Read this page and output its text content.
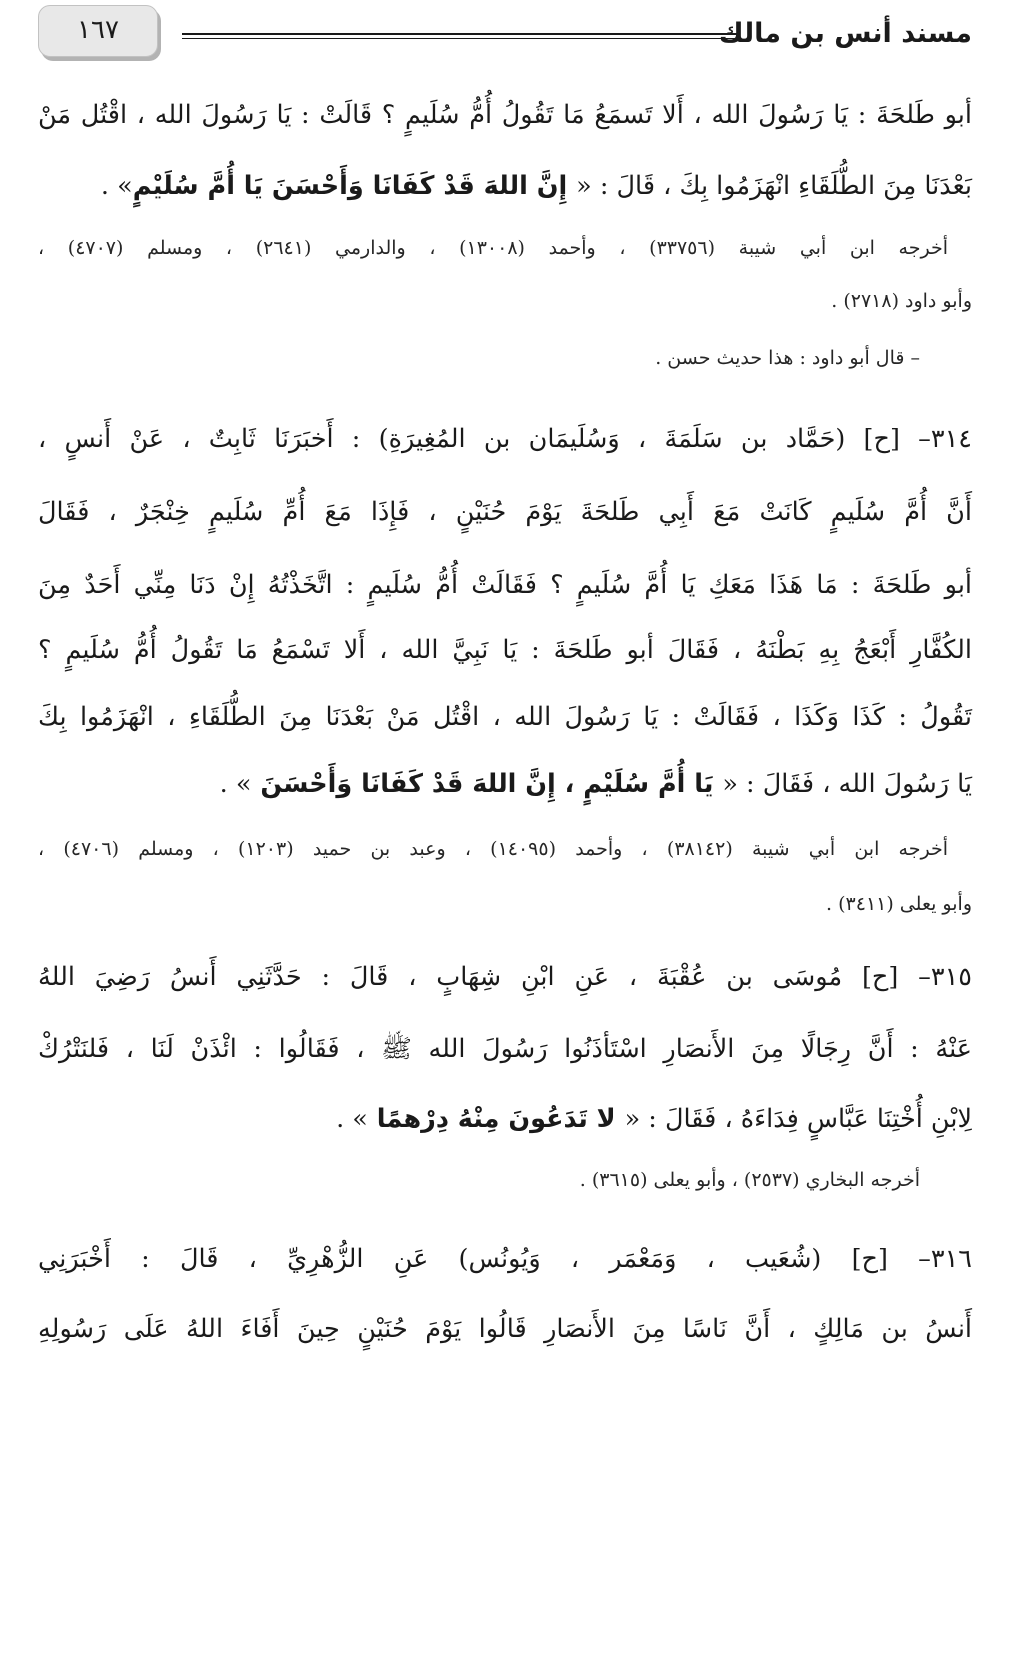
مسند أنس بن مالك
١٦٧
أبو طَلحَةَ : يَا رَسُولَ الله ، أَلا تَسمَعُ مَا تَقُولُ أُمُّ سُلَيمٍ ؟ قَالَتْ : يَا رَسُولَ الله ، اقْتُل مَنْ
بَعْدَنَا مِنَ الطُّلَقَاءِ انْهَزَمُوا بِكَ ، قَالَ : « إِنَّ اللهَ قَدْ كَفَانَا وَأَحْسَنَ يَا أُمَّ سُلَيْمٍ» .
أخرجه ابن أبي شيبة (٣٣٧٥٦) ، وأحمد (١٣٠٠٨) ، والدارمي (٢٦٤١) ، ومسلم (٤٧٠٧) ،
وأبو داود (٢٧١٨) .
– قال أبو داود : هذا حديث حسن .
٣١٤– [ح] (حَمَّاد بن سَلَمَةَ ، وَسُلَيمَان بن المُغِيرَةِ) : أَخبَرَنَا ثَابِتٌ ، عَنْ أَنسٍ ،
أَنَّ أُمَّ سُلَيمٍ كَانَتْ مَعَ أَبِي طَلحَةَ يَوْمَ حُنَيْنٍ ، فَإِذَا مَعَ أُمِّ سُلَيمٍ خِنْجَرٌ ، فَقَالَ
أبو طَلحَةَ : مَا هَذَا مَعَكِ يَا أُمَّ سُلَيمٍ ؟ فَقَالَتْ أُمُّ سُلَيمٍ : اتَّخَذْتُهُ إِنْ دَنَا مِنِّي أَحَدٌ مِنَ
الكُفَّارِ أَبْعَجُ بِهِ بَطْنَهُ ، فَقَالَ أبو طَلحَةَ : يَا نَبِيَّ الله ، أَلا تَسْمَعُ مَا تَقُولُ أُمُّ سُلَيمٍ ؟
تَقُولُ : كَذَا وَكَذَا ، فَقَالَتْ : يَا رَسُولَ الله ، اقْتُل مَنْ بَعْدَنَا مِنَ الطُّلَقَاءِ ، انْهَزَمُوا بِكَ
يَا رَسُولَ الله ، فَقَالَ : « يَا أُمَّ سُلَيْمٍ ، إِنَّ اللهَ قَدْ كَفَانَا وَأَحْسَنَ » .
أخرجه ابن أبي شيبة (٣٨١٤٢) ، وأحمد (١٤٠٩٥) ، وعبد بن حميد (١٢٠٣) ، ومسلم (٤٧٠٦) ،
وأبو يعلى (٣٤١١) .
٣١٥– [ح] مُوسَى بن عُقْبَةَ ، عَنِ ابْنِ شِهَابٍ ، قَالَ : حَدَّثَنِي أَنسُ رَضِيَ اللهُ
عَنْهُ : أَنَّ رِجَالًا مِنَ الأَنصَارِ اسْتَأذَنُوا رَسُولَ الله ﷺ ، فَقَالُوا : ائْذَنْ لَنَا ، فَلنَتْرُكْ
لِابْنِ أُخْتِنَا عَبَّاسٍ فِدَاءَهُ ، فَقَالَ : « لا تَدَعُونَ مِنْهُ دِرْهمًا » .
أخرجه البخاري (٢٥٣٧) ، وأبو يعلى (٣٦١٥) .
٣١٦– [ح] (شُعَيب ، وَمَعْمَر ، وَيُونُس) عَنِ الزُّهْرِيِّ ، قَالَ : أَخْبَرَنِي
أَنسُ بن مَالِكٍ ، أَنَّ نَاسًا مِنَ الأَنصَارِ قَالُوا يَوْمَ حُنَيْنٍ حِينَ أَفَاءَ اللهُ عَلَى رَسُولِهِ
